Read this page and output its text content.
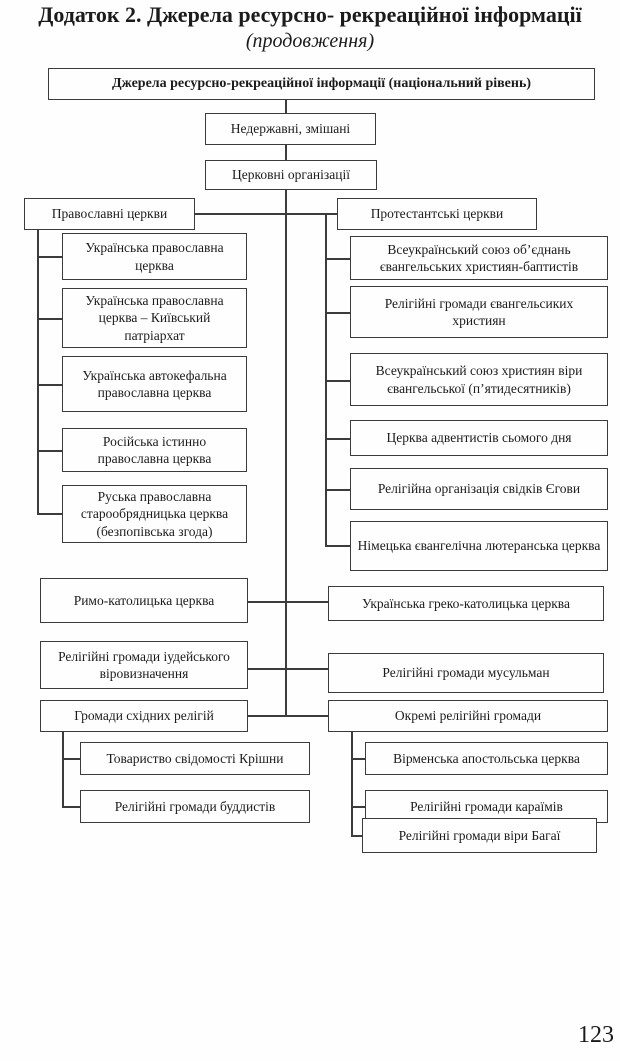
Додаток 2. Джерела ресурсно- рекреаційної інформації
(продовження)
Джерела ресурсно-рекреаційної інформації (національний рівень)
Недержавні, змішані
Церковні організації
Православні церкви	Протестантські церкви
Українська православна церква
Українська православна церква – Київський патріархат
Українська автокефальна православна церква
Російська істинно православна церква
Руська православна старообрядницька церква (безпопівська згода)
Всеукраїнський союз об’єднань євангельських християн-баптистів
Релігійні громади євангельсиких християн
Всеукраїнський союз християн віри євангельської (п’ятидесятників)
Церква адвентистів сьомого дня
Релігійна організація свідків Єгови
Німецька євангелічна лютеранська церква
Римо-католицька церква	Українська греко-католицька церква
Релігійні громади іудейського віровизначення	Релігійні громади мусульман
Громади східних релігій	Окремі релігійні громади
Товариство свідомості Крішни
Релігійні громади буддистів
Вірменська апостольська церква
Релігійні громади караїмів
Релігійні громади віри Багаї
123
